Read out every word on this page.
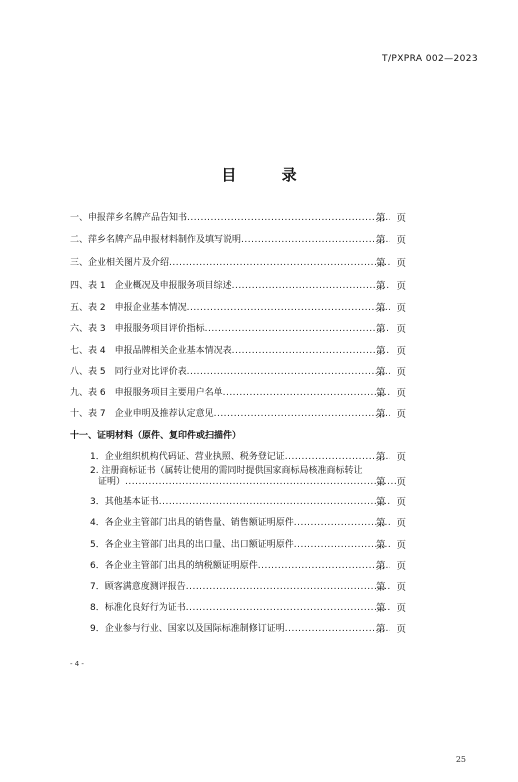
T/PXPRA 002—2023
目 录
一、申报萍乡名牌产品告知书 .....	第 页
二、萍乡名牌产品申报材料制作及填写说明 .....	第 页
三、企业相关图片及介绍 .....	第 页
四、表 1　企业概况及申报服务项目综述 .....	第 页
五、表 2　申报企业基本情况 .....	第 页
六、表 3　申报服务项目评价指标 .....	第 页
七、表 4　申报品牌相关企业基本情况表 .....	第 页
八、表 5　同行业对比评价表 .....	第 页
九、表 6　申报服务项目主要用户名单 .....	第 页
十、表 7　企业申明及推荐认定意见 .....	第 页
十一、证明材料（原件、复印件或扫描件）
1．企业组织机构代码证、营业执照、税务登记证 .....	第 页
2. 注册商标证书（属转让使用的需同时提供国家商标局核准商标转让
证明） .....	第 页
3．其他基本证书 .....	第 页
4．各企业主管部门出具的销售量、销售额证明原件 .....	第 页
5．各企业主管部门出具的出口量、出口额证明原件 .....	第 页
6．各企业主管部门出具的纳税额证明原件 .....	第 页
7．顾客满意度测评报告 .....	第 页
8．标准化良好行为证书 .....	第 页
9．企业参与行业、国家以及国际标准制修订证明 .....	第 页
- 4 -
25
